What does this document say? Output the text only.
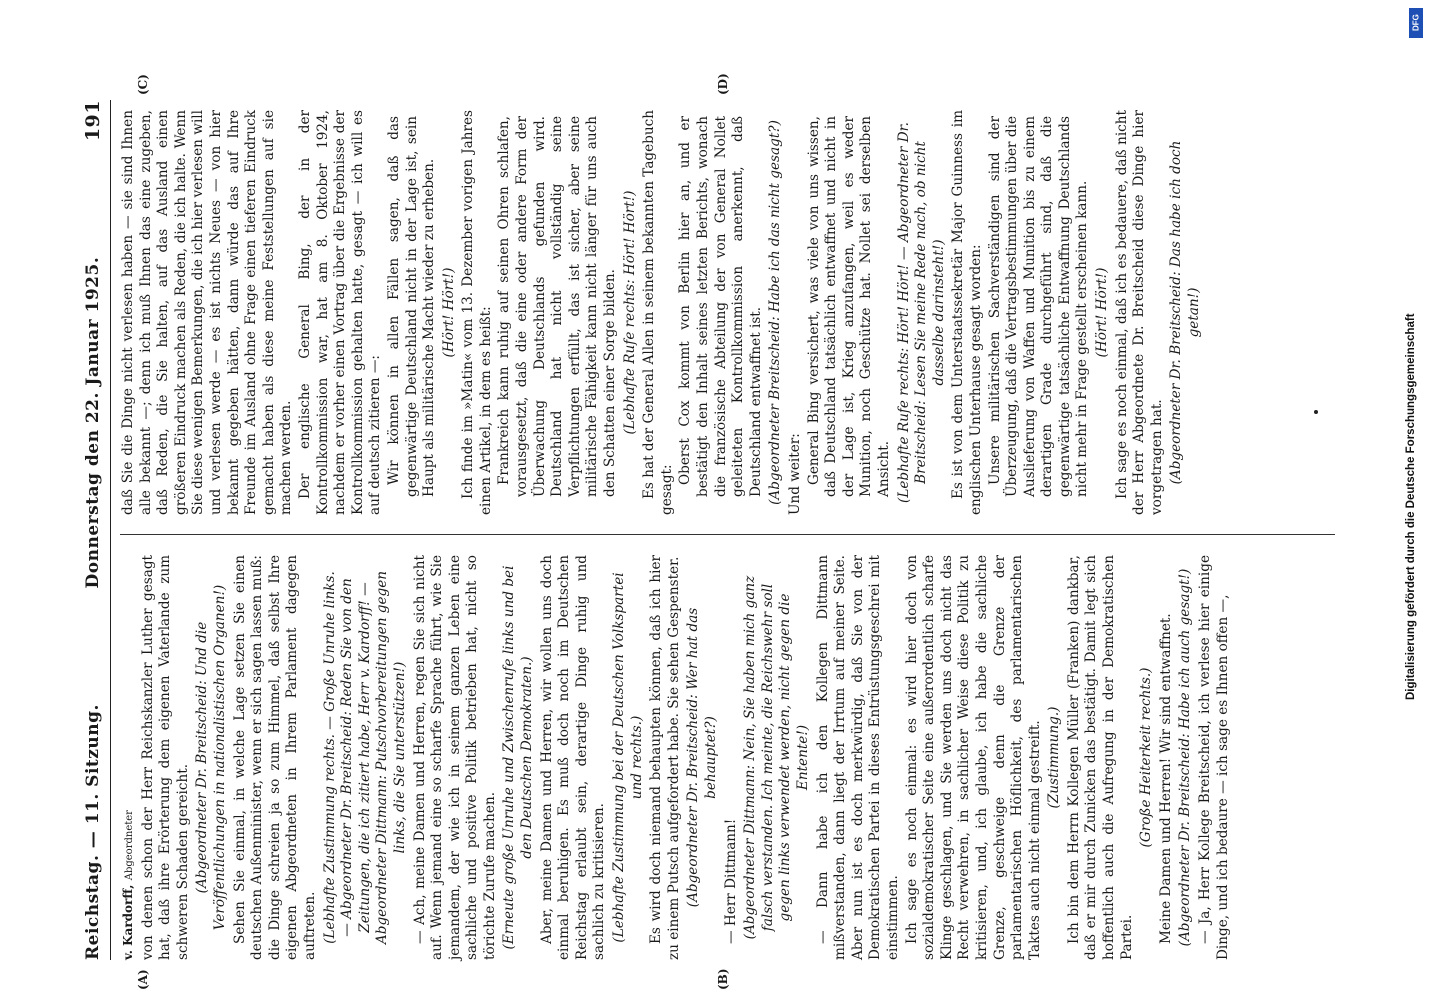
Reichstag. — 11. Sitzung.
Donnerstag den 22. Januar 1925.
191
(A)	(B)
(C)	(D)

v. Kardorff, Abgeordneter von denen schon der Herr Reichskanzler Luther gesagt hat, daß ihre Erörterung dem eigenen Vaterlande zum schweren Schaden gereicht. (Abgeordneter Dr. Breitscheid: Und die Veröffentlichungen in nationalistischen Organen!) Sehen Sie einmal, in welche Lage setzen Sie einen deutschen Außenminister, wenn er sich sagen lassen muß: die Dinge schreien ja so zum Himmel, daß selbst Ihre eigenen Abgeordneten in Ihrem Parlament dagegen auftreten. (Lebhafte Zustimmung rechts. — Große Unruhe links. — Abgeordneter Dr. Breitscheid: Reden Sie von den Zeitungen, die ich zitiert habe, Herr v. Kardorff! — Abgeordneter Dittmann: Putschvorbereitungen gegen links, die Sie unterstützen!) — Ach, meine Damen und Herren, regen Sie sich nicht auf. Wenn jemand eine so scharfe Sprache führt, wie Sie jemandem, der wie ich in seinem ganzen Leben eine sachliche und positive Politik betrieben hat, nicht so törichte Zurufe machen. (Erneute große Unruhe und Zwischenrufe links und bei den Deutschen Demokraten.) Aber, meine Damen und Herren, wir wollen uns doch einmal beruhigen. Es muß doch noch im Deutschen Reichstag erlaubt sein, derartige Dinge ruhig und sachlich zu kritisieren. (Lebhafte Zustimmung bei der Deutschen Volkspartei und rechts.) Es wird doch niemand behaupten können, daß ich hier zu einem Putsch aufgefordert habe. Sie sehen Gespenster. (Abgeordneter Dr. Breitscheid: Wer hat das behauptet?)

— Herr Dittmann! (Abgeordneter Dittmann: Nein, Sie haben mich ganz falsch verstanden. Ich meinte, die Reichswehr soll gegen links verwendet werden, nicht gegen die Entente!) — Dann habe ich den Kollegen Dittmann mißverstanden, dann liegt der Irrtum auf meiner Seite. Aber nun ist es doch merkwürdig, daß Sie von der Demokratischen Partei in dieses Entrüstungsgeschrei mit einstimmen. Ich sage es noch einmal: es wird hier doch von sozialdemokratischer Seite eine außerordentlich scharfe Klinge geschlagen, und Sie werden uns doch nicht das Recht verwehren, in sachlicher Weise diese Politik zu kritisieren, und, ich glaube, ich habe die sachliche Grenze, geschweige denn die Grenze der parlamentarischen Höflichkeit, des parlamentarischen Taktes auch nicht einmal gestreift. (Zustimmung.) Ich bin dem Herrn Kollegen Müller (Franken) dankbar, daß er mir durch Zunicken das bestätigt. Damit legt sich hoffentlich auch die Aufregung in der Demokratischen Partei.

(Große Heiterkeit rechts.) Meine Damen und Herren! Wir sind entwaffnet. (Abgeordneter Dr. Breitscheid: Habe ich auch gesagt!) — Ja, Herr Kollege Breitscheid, ich verlese hier einige Dinge, und ich bedaure — ich sage es Ihnen offen —,

daß Sie die Dinge nicht verlesen haben — sie sind Ihnen alle bekannt —; denn ich muß Ihnen das eine zugeben, daß Reden, die Sie halten, auf das Ausland einen größeren Eindruck machen als Reden, die ich halte. Wenn Sie diese wenigen Bemerkungen, die ich hier verlesen will und verlesen werde — es ist nichts Neues — von hier bekannt gegeben hätten, dann würde das auf Ihre Freunde im Ausland ohne Frage einen tieferen Eindruck gemacht haben als diese meine Feststellungen auf sie machen werden. Der englische General Bing, der in der Kontrollkommission war, hat am 8. Oktober 1924, nachdem er vorher einen Vortrag über die Ergebnisse der Kontrollkommission gehalten hatte, gesagt — ich will es auf deutsch zitieren —: Wir können in allen Fällen sagen, daß das gegenwärtige Deutschland nicht in der Lage ist, sein Haupt als militärische Macht wieder zu erheben. (Hört! Hört!) Ich finde im »Matin« vom 13. Dezember vorigen Jahres einen Artikel, in dem es heißt: Frankreich kann ruhig auf seinen Ohren schlafen, vorausgesetzt, daß die eine oder andere Form der Überwachung Deutschlands gefunden wird. Deutschland hat nicht vollständig seine Verpflichtungen erfüllt, das ist sicher, aber seine militärische Fähigkeit kann nicht länger für uns auch den Schatten einer Sorge bilden. (Lebhafte Rufe rechts: Hört! Hört!) Es hat der General Allen in seinem bekannten Tagebuch gesagt:

Oberst Cox kommt von Berlin hier an, und er bestätigt den Inhalt seines letzten Berichts, wonach die französische Abteilung der von General Nollet geleiteten Kontrollkommission anerkennt, daß Deutschland entwaffnet ist. (Abgeordneter Breitscheid: Habe ich das nicht gesagt?) Und weiter: General Bing versichert, was viele von uns wissen, daß Deutschland tatsächlich entwaffnet und nicht in der Lage ist, Krieg anzufangen, weil es weder Munition, noch Geschütze hat. Nollet sei derselben Ansicht. (Lebhafte Rufe rechts: Hört! Hört! — Abgeordneter Dr. Breitscheid: Lesen Sie meine Rede nach, ob nicht dasselbe darinsteht!) Es ist von dem Unterstaatssekretär Major Guinness im englischen Unterhause gesagt worden: Unsere militärischen Sachverständigen sind der Überzeugung, daß die Vertragsbestimmungen über die Auslieferung von Waffen und Munition bis zu einem derartigen Grade durchgeführt sind, daß die gegenwärtige tatsächliche Entwaffnung Deutschlands nicht mehr in Frage gestellt erscheinen kann. (Hört! Hört!) Ich sage es noch einmal, daß ich es bedauere, daß nicht der Herr Abgeordnete Dr. Breitscheid diese Dinge hier vorgetragen hat. (Abgeordneter Dr. Breitscheid: Das habe ich doch getan!)

DFG
Digitalisierung gefördert durch die Deutsche Forschungsgemeinschaft
